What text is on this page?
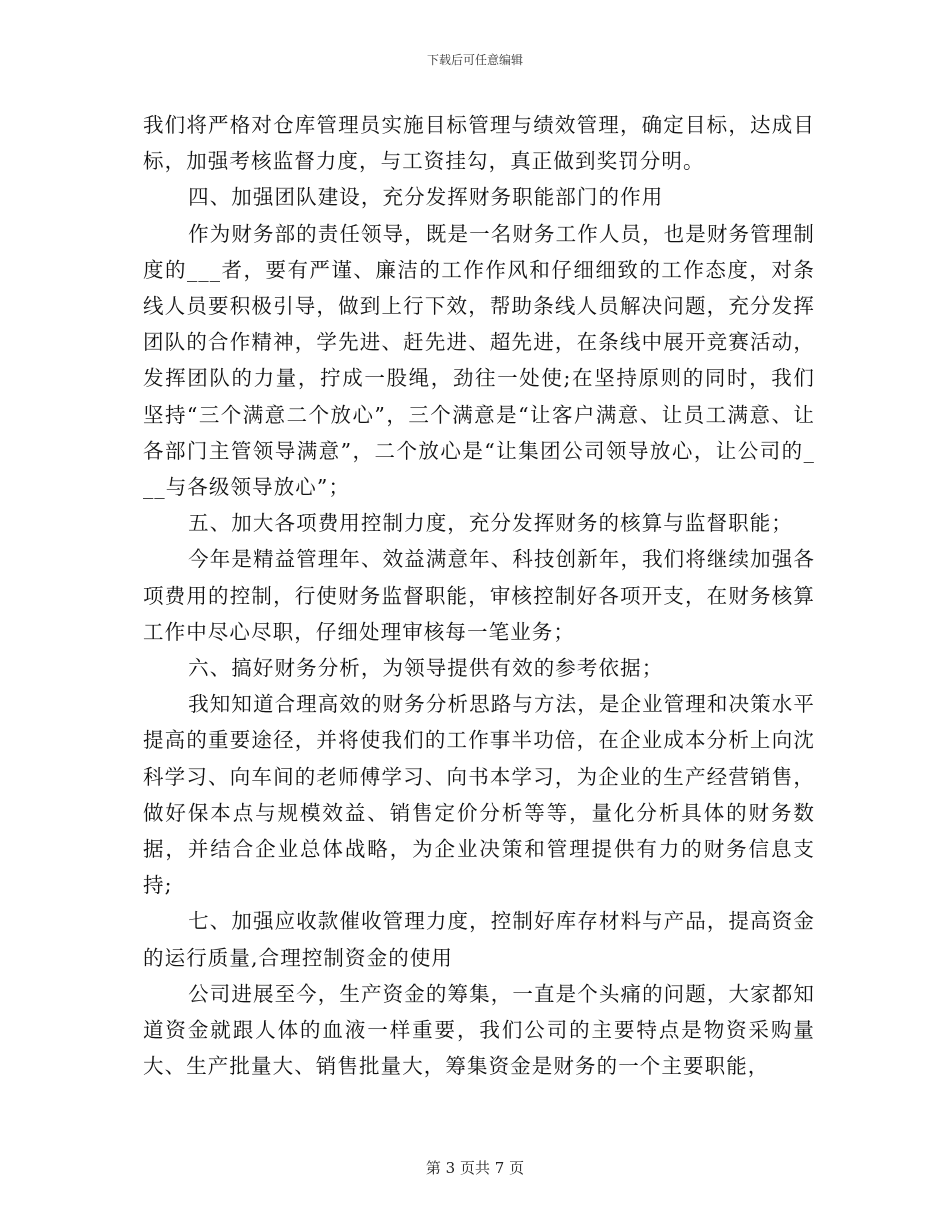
下载后可任意编辑

我们将严格对仓库管理员实施目标管理与绩效管理，确定目标，达成目标，加强考核监督力度，与工资挂勾，真正做到奖罚分明。

四、加强团队建设，充分发挥财务职能部门的作用

作为财务部的责任领导，既是一名财务工作人员，也是财务管理制度的___者，要有严谨、廉洁的工作作风和仔细细致的工作态度，对条线人员要积极引导，做到上行下效，帮助条线人员解决问题，充分发挥团队的合作精神，学先进、赶先进、超先进，在条线中展开竞赛活动，发挥团队的力量，拧成一股绳，劲往一处使;在坚持原则的同时，我们坚持“三个满意二个放心”，三个满意是“让客户满意、让员工满意、让各部门主管领导满意”，二个放心是“让集团公司领导放心，让公司的___与各级领导放心”；

五、加大各项费用控制力度，充分发挥财务的核算与监督职能；

今年是精益管理年、效益满意年、科技创新年，我们将继续加强各项费用的控制，行使财务监督职能，审核控制好各项开支，在财务核算工作中尽心尽职，仔细处理审核每一笔业务；

六、搞好财务分析，为领导提供有效的参考依据；

我知知道合理高效的财务分析思路与方法，是企业管理和决策水平提高的重要途径，并将使我们的工作事半功倍，在企业成本分析上向沈科学习、向车间的老师傅学习、向书本学习，为企业的生产经营销售，做好保本点与规模效益、销售定价分析等等，量化分析具体的财务数据，并结合企业总体战略，为企业决策和管理提供有力的财务信息支持;

七、加强应收款催收管理力度，控制好库存材料与产品，提高资金的运行质量,合理控制资金的使用

公司进展至今，生产资金的筹集，一直是个头痛的问题，大家都知道资金就跟人体的血液一样重要，我们公司的主要特点是物资采购量大、生产批量大、销售批量大，筹集资金是财务的一个主要职能，

第 3 页共 7 页
